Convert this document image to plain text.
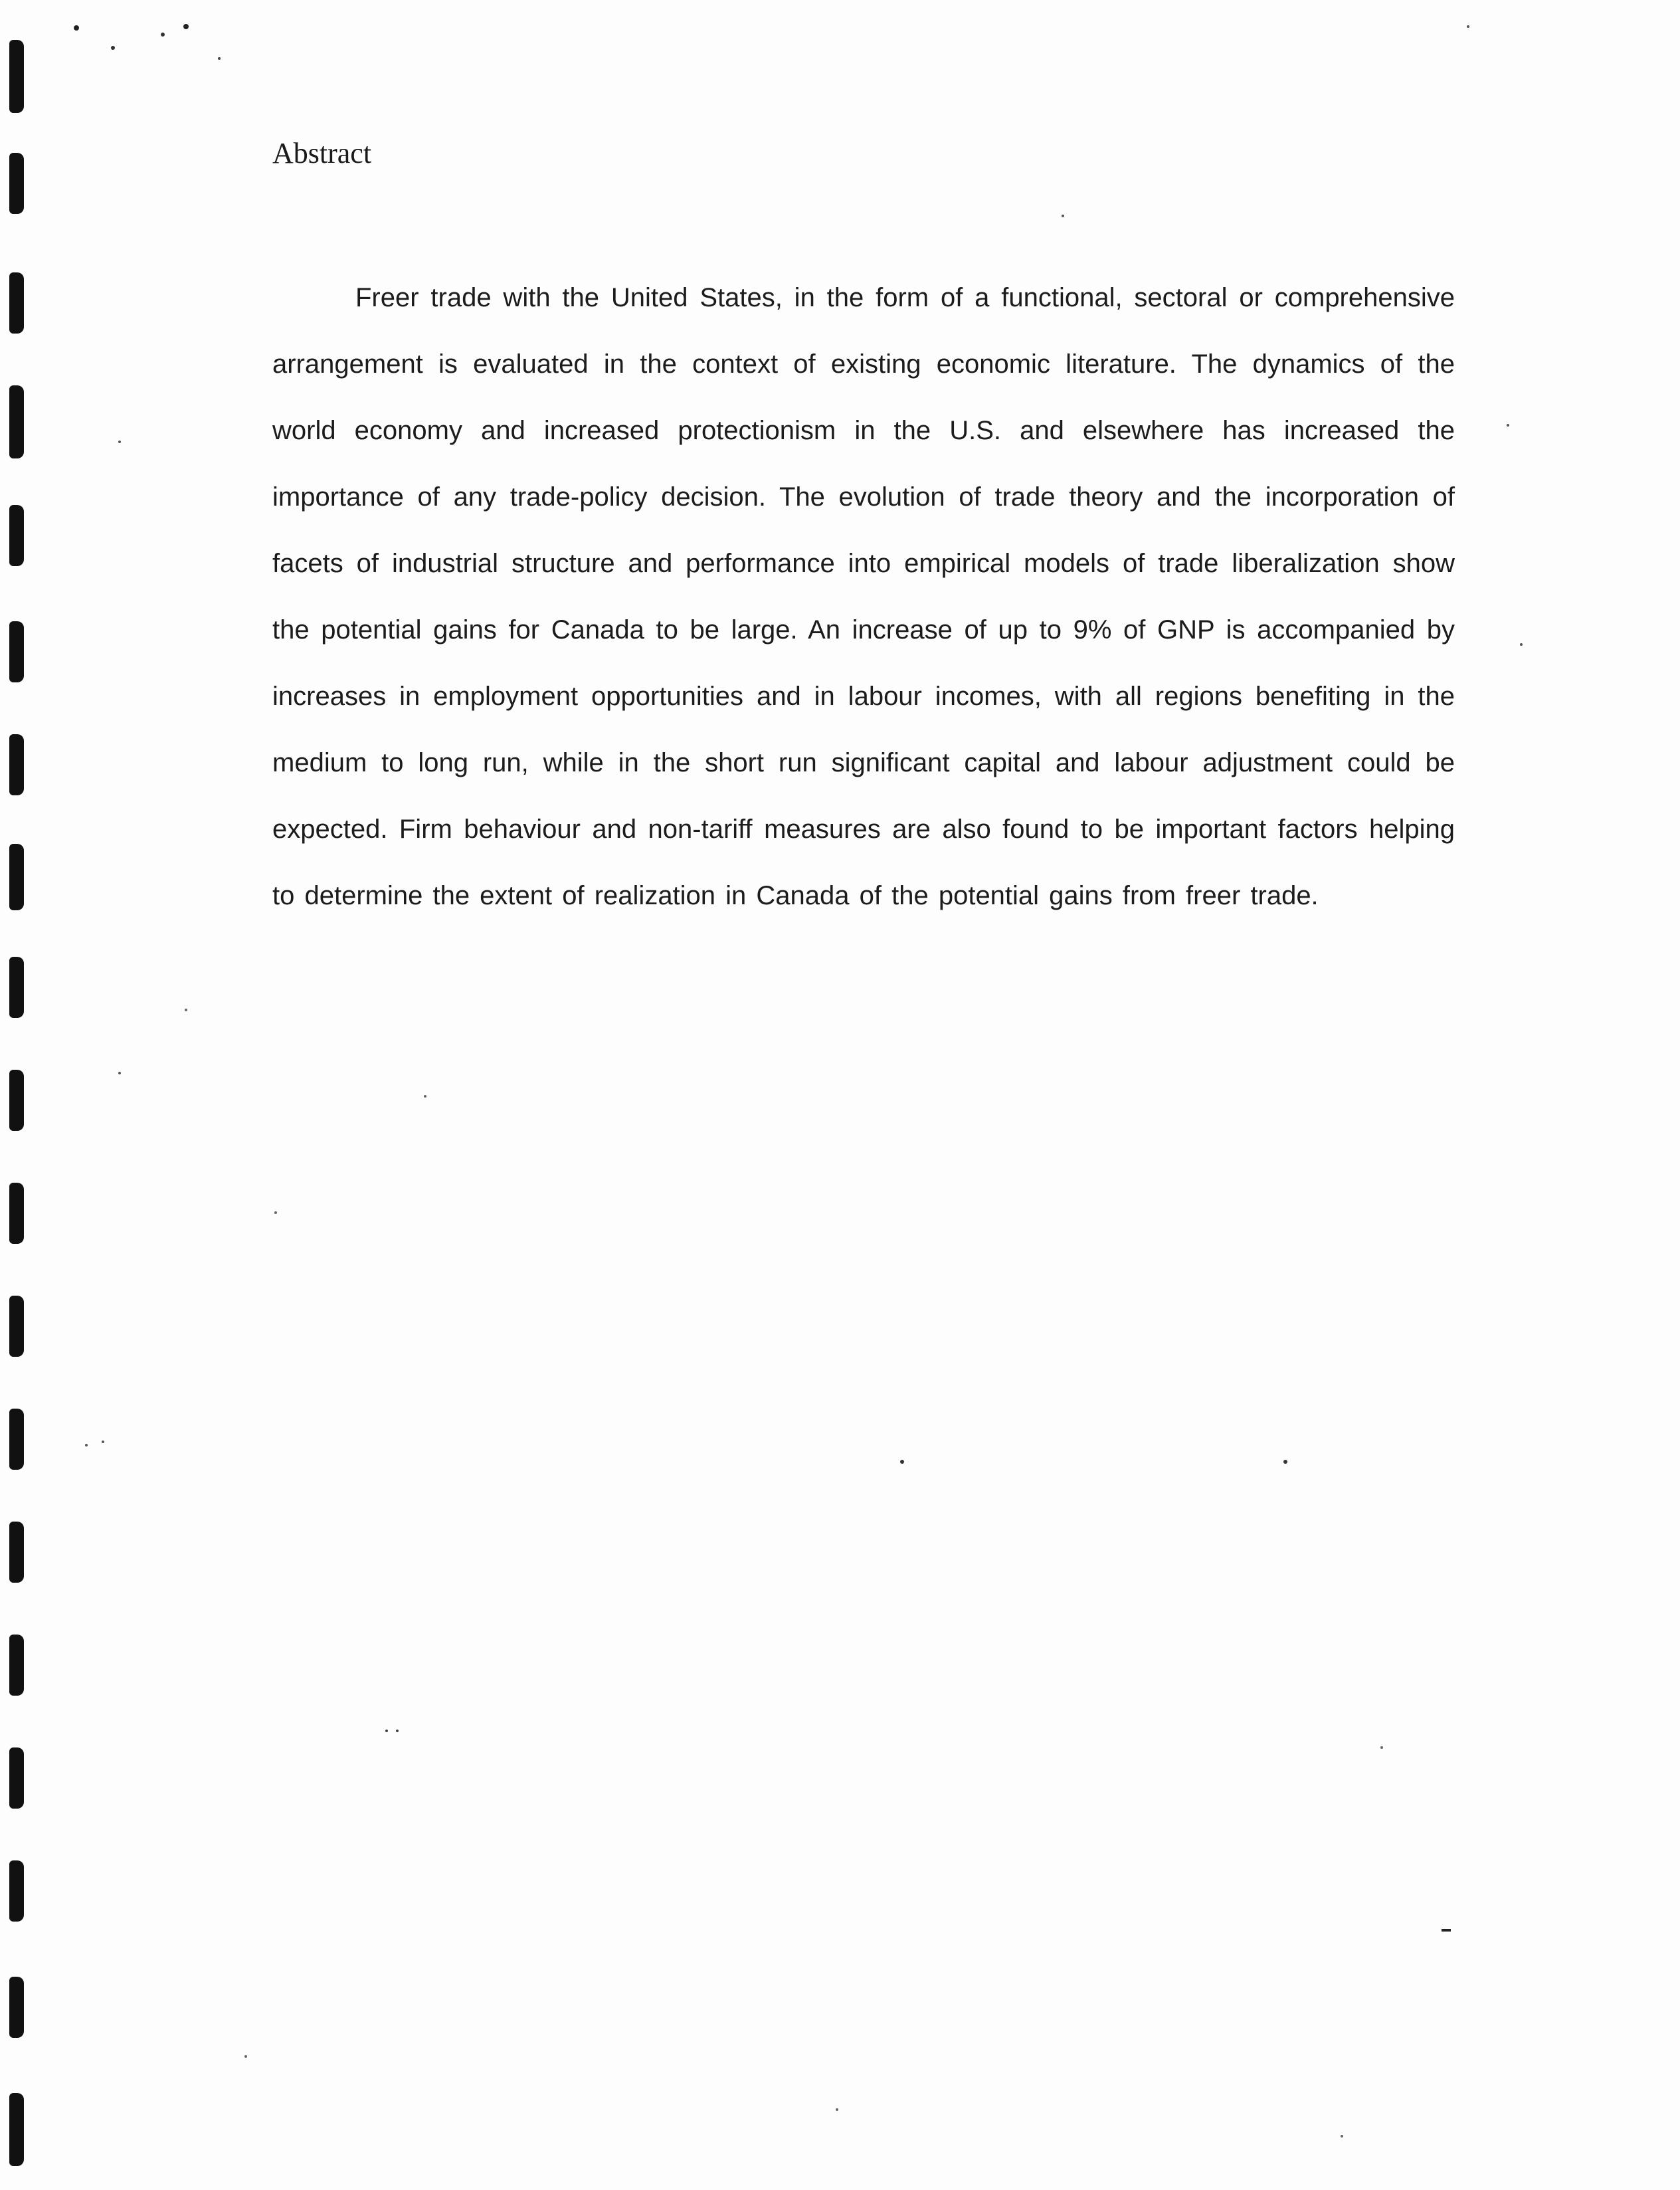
Abstract
Freer trade with the United States, in the form of a functional, sectoral or comprehensive arrangement is evaluated in the context of existing economic literature. The dynamics of the world economy and increased protectionism in the U.S. and elsewhere has increased the importance of any trade-policy decision. The evolution of trade theory and the incorporation of facets of industrial structure and performance into empirical models of trade liberalization show the potential gains for Canada to be large. An increase of up to 9% of GNP is accompanied by increases in employment opportunities and in labour incomes, with all regions benefiting in the medium to long run, while in the short run significant capital and labour adjustment could be expected. Firm behaviour and non-tariff measures are also found to be important factors helping to determine the extent of realization in Canada of the potential gains from freer trade.
